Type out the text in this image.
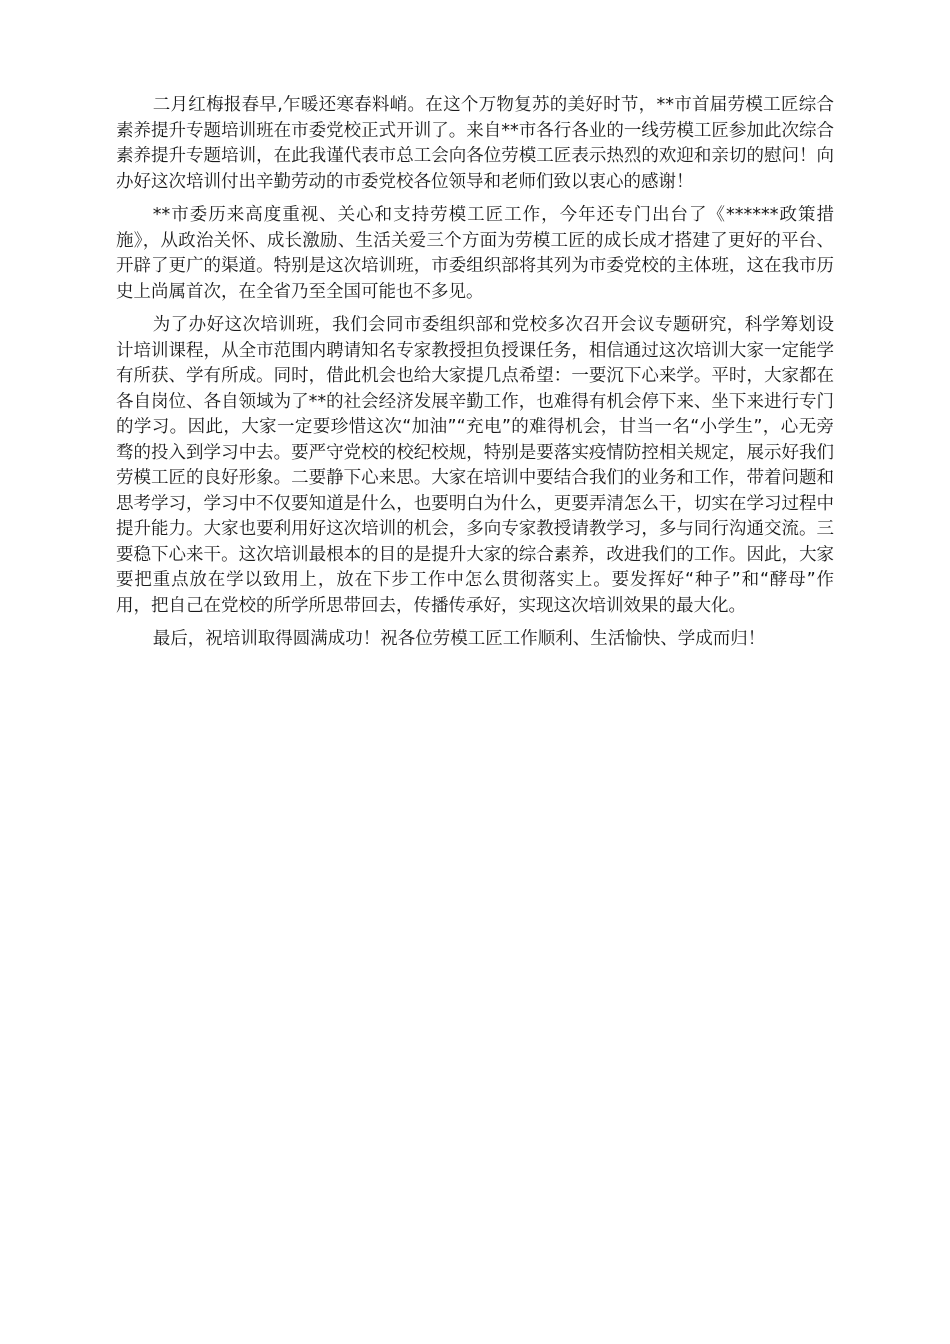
二月红梅报春早,乍暖还寒春料峭。在这个万物复苏的美好时节，**市首届劳模工匠综合素养提升专题培训班在市委党校正式开训了。来自**市各行各业的一线劳模工匠参加此次综合素养提升专题培训，在此我谨代表市总工会向各位劳模工匠表示热烈的欢迎和亲切的慰问！向办好这次培训付出辛勤劳动的市委党校各位领导和老师们致以衷心的感谢！

**市委历来高度重视、关心和支持劳模工匠工作，今年还专门出台了《******政策措施》，从政治关怀、成长激励、生活关爱三个方面为劳模工匠的成长成才搭建了更好的平台、开辟了更广的渠道。特别是这次培训班，市委组织部将其列为市委党校的主体班，这在我市历史上尚属首次，在全省乃至全国可能也不多见。

为了办好这次培训班，我们会同市委组织部和党校多次召开会议专题研究，科学筹划设计培训课程，从全市范围内聘请知名专家教授担负授课任务，相信通过这次培训大家一定能学有所获、学有所成。同时，借此机会也给大家提几点希望：一要沉下心来学。平时，大家都在各自岗位、各自领域为了**的社会经济发展辛勤工作，也难得有机会停下来、坐下来进行专门的学习。因此，大家一定要珍惜这次“加油”“充电”的难得机会，甘当一名“小学生”，心无旁骛的投入到学习中去。要严守党校的校纪校规，特别是要落实疫情防控相关规定，展示好我们劳模工匠的良好形象。二要静下心来思。大家在培训中要结合我们的业务和工作，带着问题和思考学习，学习中不仅要知道是什么，也要明白为什么，更要弄清怎么干，切实在学习过程中提升能力。大家也要利用好这次培训的机会，多向专家教授请教学习，多与同行沟通交流。三要稳下心来干。这次培训最根本的目的是提升大家的综合素养，改进我们的工作。因此，大家要把重点放在学以致用上，放在下步工作中怎么贯彻落实上。要发挥好“种子”和“酵母”作用，把自己在党校的所学所思带回去，传播传承好，实现这次培训效果的最大化。

最后，祝培训取得圆满成功！祝各位劳模工匠工作顺利、生活愉快、学成而归！
